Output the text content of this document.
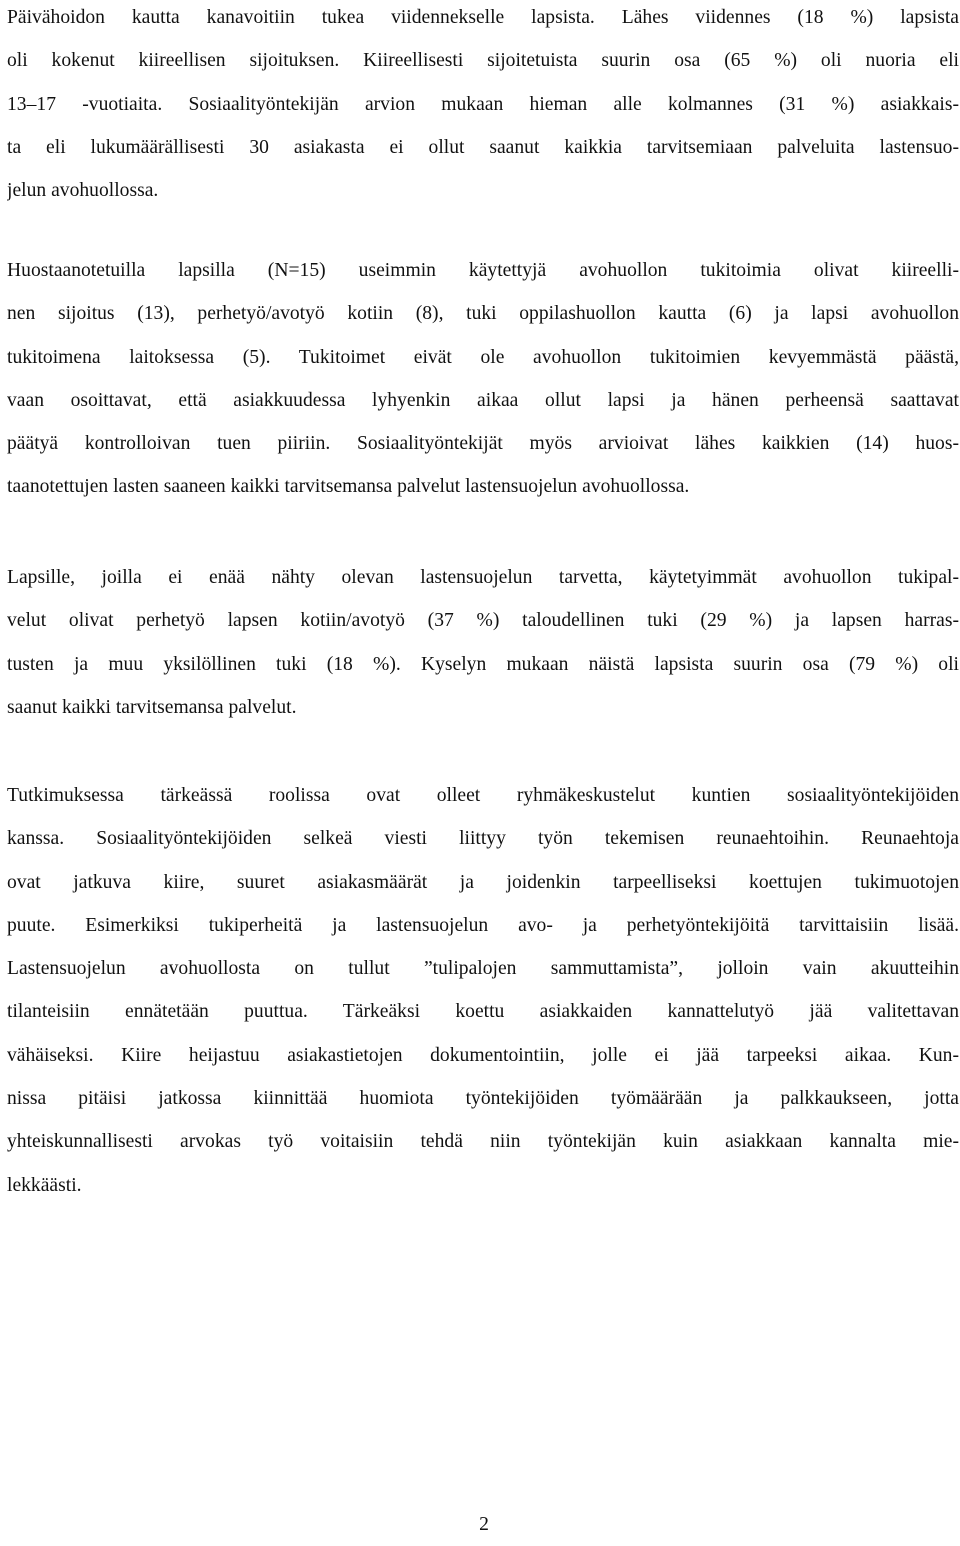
Päivähoidon kautta kanavoitiin tukea viidennekselle lapsista. Lähes viidennes (18 %) lapsista
oli kokenut kiireellisen sijoituksen. Kiireellisesti sijoitetuista suurin osa (65 %) oli nuoria eli
13–17 -vuotiaita. Sosiaalityöntekijän arvion mukaan hieman alle kolmannes (31 %) asiakkais-
ta eli lukumäärällisesti 30 asiakasta ei ollut saanut kaikkia tarvitsemiaan palveluita lastensuo-
jelun avohuollossa.
Huostaanotetuilla lapsilla (N=15) useimmin käytettyjä avohuollon tukitoimia olivat kiireelli-
nen sijoitus (13), perhetyö/avotyö kotiin (8), tuki oppilashuollon kautta (6) ja lapsi avohuollon
tukitoimena laitoksessa (5). Tukitoimet eivät ole avohuollon tukitoimien kevyemmästä päästä,
vaan osoittavat, että asiakkuudessa lyhyenkin aikaa ollut lapsi ja hänen perheensä saattavat
päätyä kontrolloivan tuen piiriin. Sosiaalityöntekijät myös arvioivat lähes kaikkien (14) huos-
taanotettujen lasten saaneen kaikki tarvitsemansa palvelut lastensuojelun avohuollossa.
Lapsille, joilla ei enää nähty olevan lastensuojelun tarvetta, käytetyimmät avohuollon tukipal-
velut olivat perhetyö lapsen kotiin/avotyö (37 %) taloudellinen tuki (29 %) ja lapsen harras-
tusten ja muu yksilöllinen tuki (18 %). Kyselyn mukaan näistä lapsista suurin osa (79 %) oli
saanut kaikki tarvitsemansa palvelut.
Tutkimuksessa tärkeässä roolissa ovat olleet ryhmäkeskustelut kuntien sosiaalityöntekijöiden
kanssa. Sosiaalityöntekijöiden selkeä viesti liittyy työn tekemisen reunaehtoihin. Reunaehtoja
ovat jatkuva kiire, suuret asiakasmäärät ja joidenkin tarpeelliseksi koettujen tukimuotojen
puute. Esimerkiksi tukiperheitä ja lastensuojelun avo- ja perhetyöntekijöitä tarvittaisiin lisää.
Lastensuojelun avohuollosta on tullut ”tulipalojen sammuttamista”, jolloin vain akuutteihin
tilanteisiin ennätetään puuttua. Tärkeäksi koettu asiakkaiden kannattelutyö jää valitettavan
vähäiseksi. Kiire heijastuu asiakastietojen dokumentointiin, jolle ei jää tarpeeksi aikaa. Kun-
nissa pitäisi jatkossa kiinnittää huomiota työntekijöiden työmäärään ja palkkaukseen, jotta
yhteiskunnallisesti arvokas työ voitaisiin tehdä niin työntekijän kuin asiakkaan kannalta mie-
lekkäästi.
2
